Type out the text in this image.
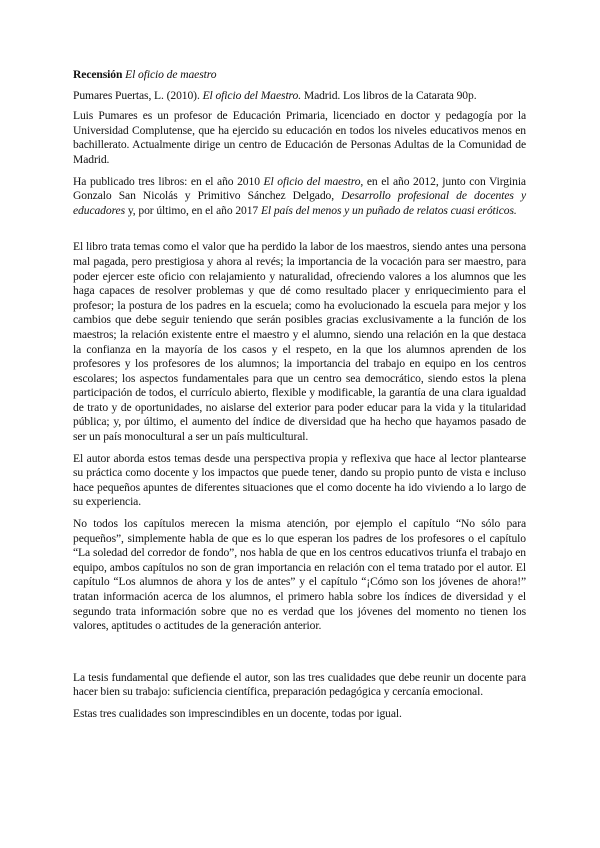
Recensión El oficio de maestro

Pumares Puertas, L. (2010). El oficio del Maestro. Madrid. Los libros de la Catarata 90p.

Luis Pumares es un profesor de Educación Primaria, licenciado en doctor y pedagogía por la Universidad Complutense, que ha ejercido su educación en todos los niveles educativos menos en bachillerato. Actualmente dirige un centro de Educación de Personas Adultas de la Comunidad de Madrid.

Ha publicado tres libros: en el año 2010 El oficio del maestro, en el año 2012, junto con Virginia Gonzalo San Nicolás y Primitivo Sánchez Delgado, Desarrollo profesional de docentes y educadores y, por último, en el año 2017 El país del menos y un puñado de relatos cuasi eróticos.

El libro trata temas como el valor que ha perdido la labor de los maestros, siendo antes una persona mal pagada, pero prestigiosa y ahora al revés; la importancia de la vocación para ser maestro, para poder ejercer este oficio con relajamiento y naturalidad, ofreciendo valores a los alumnos que les haga capaces de resolver problemas y que dé como resultado placer y enriquecimiento para el profesor; la postura de los padres en la escuela; como ha evolucionado la escuela para mejor y los cambios que debe seguir teniendo que serán posibles gracias exclusivamente a la función de los maestros; la relación existente entre el maestro y el alumno, siendo una relación en la que destaca la confianza en la mayoría de los casos y el respeto, en la que los alumnos aprenden de los profesores y los profesores de los alumnos; la importancia del trabajo en equipo en los centros escolares; los aspectos fundamentales para que un centro sea democrático, siendo estos la plena participación de todos, el currículo abierto, flexible y modificable, la garantía de una clara igualdad de trato y de oportunidades, no aislarse del exterior para poder educar para la vida y la titularidad pública; y, por último, el aumento del índice de diversidad que ha hecho que hayamos pasado de ser un país monocultural a ser un país multicultural.

El autor aborda estos temas desde una perspectiva propia y reflexiva que hace al lector plantearse su práctica como docente y los impactos que puede tener, dando su propio punto de vista e incluso hace pequeños apuntes de diferentes situaciones que el como docente ha ido viviendo a lo largo de su experiencia.

No todos los capítulos merecen la misma atención, por ejemplo el capítulo “No sólo para pequeños”, simplemente habla de que es lo que esperan los padres de los profesores o el capítulo “La soledad del corredor de fondo”, nos habla de que en los centros educativos triunfa el trabajo en equipo, ambos capítulos no son de gran importancia en relación con el tema tratado por el autor. El capítulo “Los alumnos de ahora y los de antes” y el capítulo “¡Cómo son los jóvenes de ahora!” tratan información acerca de los alumnos, el primero habla sobre los índices de diversidad y el segundo trata información sobre que no es verdad que los jóvenes del momento no tienen los valores, aptitudes o actitudes de la generación anterior.

La tesis fundamental que defiende el autor, son las tres cualidades que debe reunir un docente para hacer bien su trabajo: suficiencia científica, preparación pedagógica y cercanía emocional.

Estas tres cualidades son imprescindibles en un docente, todas por igual.
